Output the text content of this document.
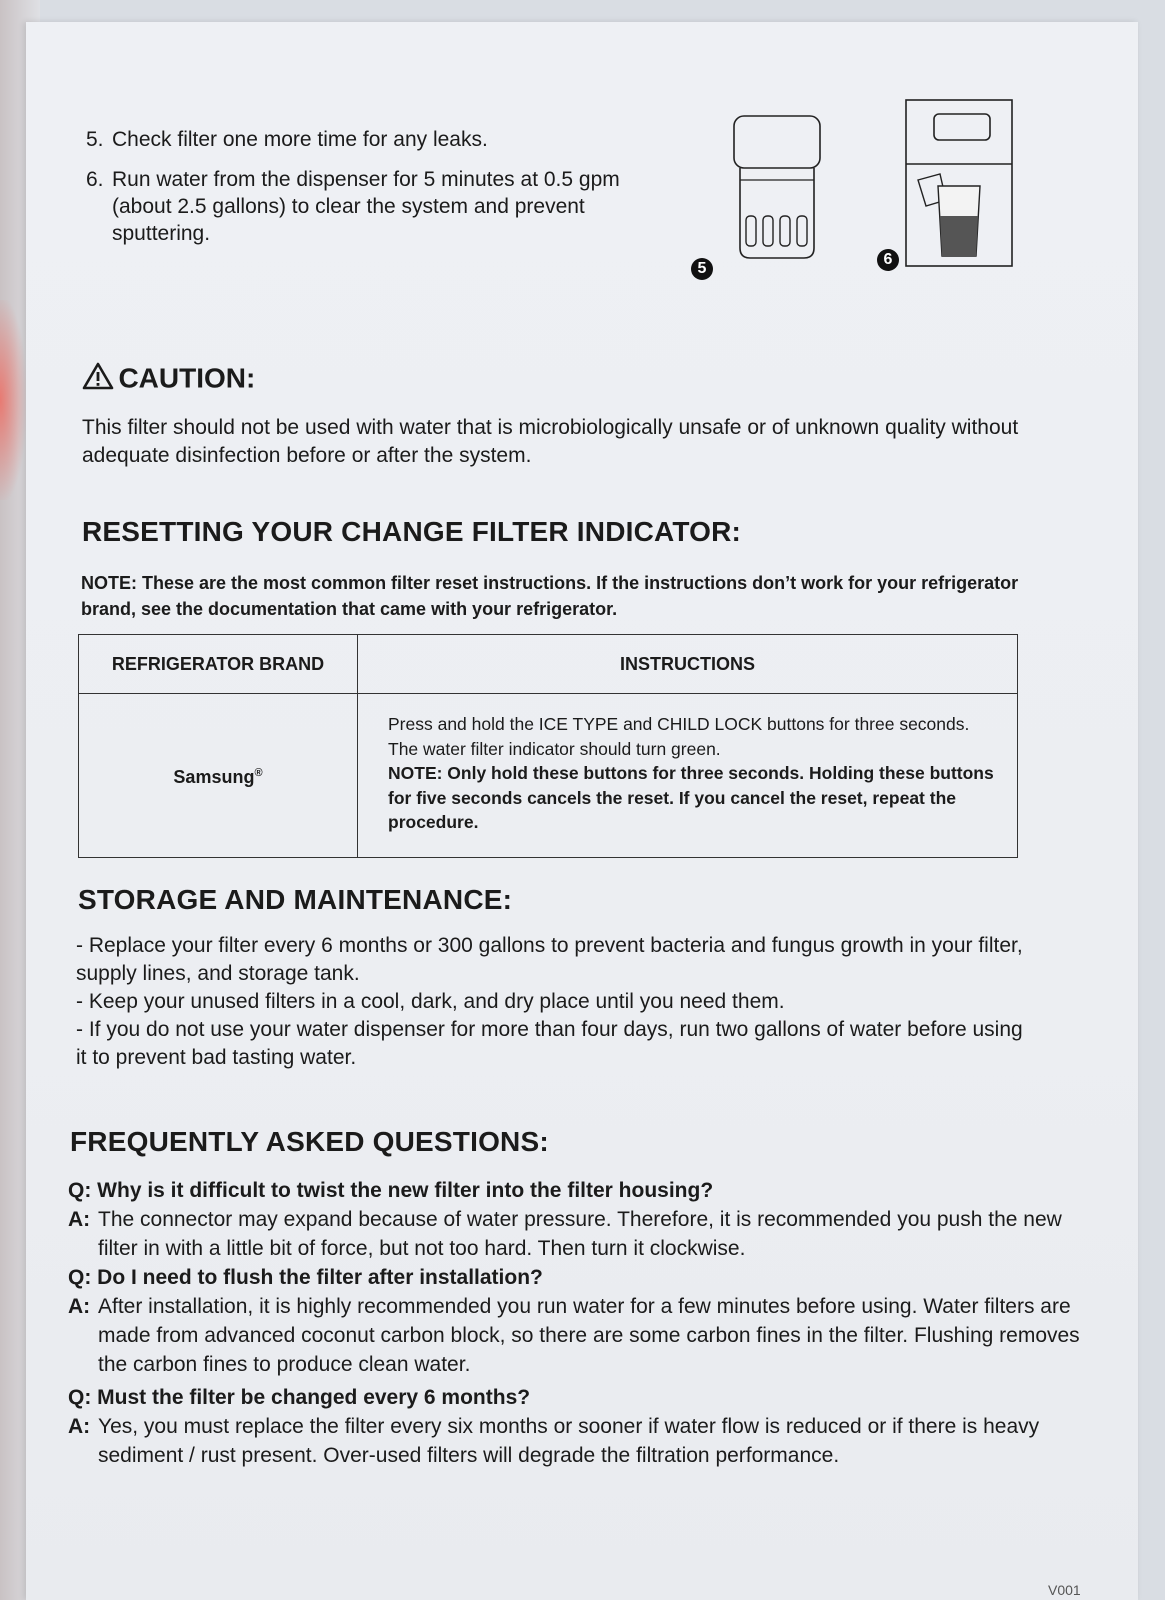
5. Check filter one more time for any leaks.
6. Run water from the dispenser for 5 minutes at 0.5 gpm (about 2.5 gallons) to clear the system and prevent sputtering.
5
6
CAUTION:
This filter should not be used with water that is microbiologically unsafe or of unknown quality without adequate disinfection before or after the system.
RESETTING YOUR CHANGE FILTER INDICATOR:
NOTE: These are the most common filter reset instructions. If the instructions don’t work for your refrigerator brand, see the documentation that came with your refrigerator.
REFRIGERATOR BRAND	INSTRUCTIONS
Samsung®	Press and hold the ICE TYPE and CHILD LOCK buttons for three seconds. The water filter indicator should turn green.
NOTE: Only hold these buttons for three seconds. Holding these buttons for five seconds cancels the reset. If you cancel the reset, repeat the procedure.
STORAGE AND MAINTENANCE:
- Replace your filter every 6 months or 300 gallons to prevent bacteria and fungus growth in your filter, supply lines, and storage tank.
- Keep your unused filters in a cool, dark, and dry place until you need them.
- If you do not use your water dispenser for more than four days, run two gallons of water before using it to prevent bad tasting water.
FREQUENTLY ASKED QUESTIONS:
Q: Why is it difficult to twist the new filter into the filter housing?
A: The connector may expand because of water pressure. Therefore, it is recommended you push the new filter in with a little bit of force, but not too hard. Then turn it clockwise.
Q: Do I need to flush the filter after installation?
A: After installation, it is highly recommended you run water for a few minutes before using. Water filters are made from advanced coconut carbon block, so there are some carbon fines in the filter. Flushing removes the carbon fines to produce clean water.
Q: Must the filter be changed every 6 months?
A: Yes, you must replace the filter every six months or sooner if water flow is reduced or if there is heavy sediment / rust present. Over-used filters will degrade the filtration performance.
V001
